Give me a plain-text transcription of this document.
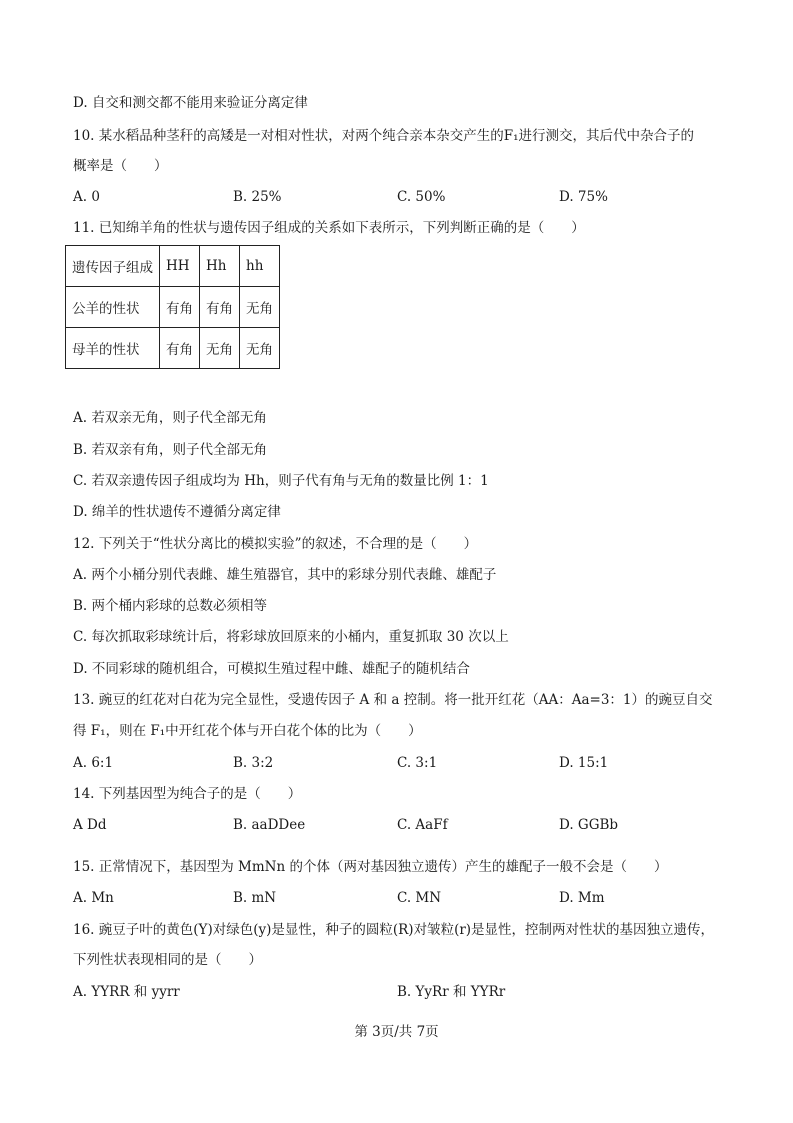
D. 自交和测交都不能用来验证分离定律
10. 某水稻品种茎秆的高矮是一对相对性状，对两个纯合亲本杂交产生的F₁进行测交，其后代中杂合子的
概率是（　　）
A. 0	B. 25%	C. 50%	D. 75%
11. 已知绵羊角的性状与遗传因子组成的关系如下表所示，下列判断正确的是（　　）
遗传因子组成	HH	Hh	hh
公羊的性状	有角	有角	无角
母羊的性状	有角	无角	无角
A. 若双亲无角，则子代全部无角
B. 若双亲有角，则子代全部无角
C. 若双亲遗传因子组成均为 Hh，则子代有角与无角的数量比例 1：1
D. 绵羊的性状遗传不遵循分离定律
12. 下列关于“性状分离比的模拟实验”的叙述，不合理的是（　　）
A. 两个小桶分别代表雌、雄生殖器官，其中的彩球分别代表雌、雄配子
B. 两个桶内彩球的总数必须相等
C. 每次抓取彩球统计后，将彩球放回原来的小桶内，重复抓取 30 次以上
D. 不同彩球的随机组合，可模拟生殖过程中雌、雄配子的随机结合
13. 豌豆的红花对白花为完全显性，受遗传因子 A 和 a 控制。将一批开红花（AA：Aa=3：1）的豌豆自交
得 F₁，则在 F₁中开红花个体与开白花个体的比为（　　）
A. 6:1	B. 3:2	C. 3:1	D. 15:1
14. 下列基因型为纯合子的是（　　）
A Dd	B. aaDDee	C. AaFf	D. GGBb
15. 正常情况下，基因型为 MmNn 的个体（两对基因独立遗传）产生的雄配子一般不会是（　　）
A. Mn	B. mN	C. MN	D. Mm
16. 豌豆子叶的黄色(Y)对绿色(y)是显性，种子的圆粒(R)对皱粒(r)是显性，控制两对性状的基因独立遗传，
下列性状表现相同的是（　　）
A. YYRR 和 yyrr	B. YyRr 和 YYRr
第 3页/共 7页
